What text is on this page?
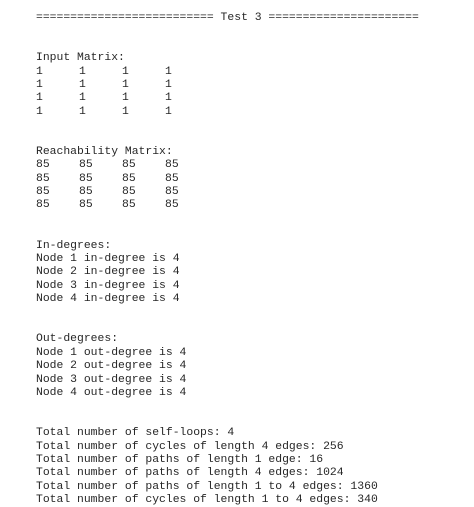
========================== Test 3 ======================
Input Matrix:
1	1	1	1
1	1	1	1
1	1	1	1
1	1	1	1
Reachability Matrix:
85	85	85	85
85	85	85	85
85	85	85	85
85	85	85	85
In-degrees:
Node 1 in-degree is 4
Node 2 in-degree is 4
Node 3 in-degree is 4
Node 4 in-degree is 4
Out-degrees:
Node 1 out-degree is 4
Node 2 out-degree is 4
Node 3 out-degree is 4
Node 4 out-degree is 4
Total number of self-loops: 4
Total number of cycles of length 4 edges: 256
Total number of paths of length 1 edge: 16
Total number of paths of length 4 edges: 1024
Total number of paths of length 1 to 4 edges: 1360
Total number of cycles of length 1 to 4 edges: 340
